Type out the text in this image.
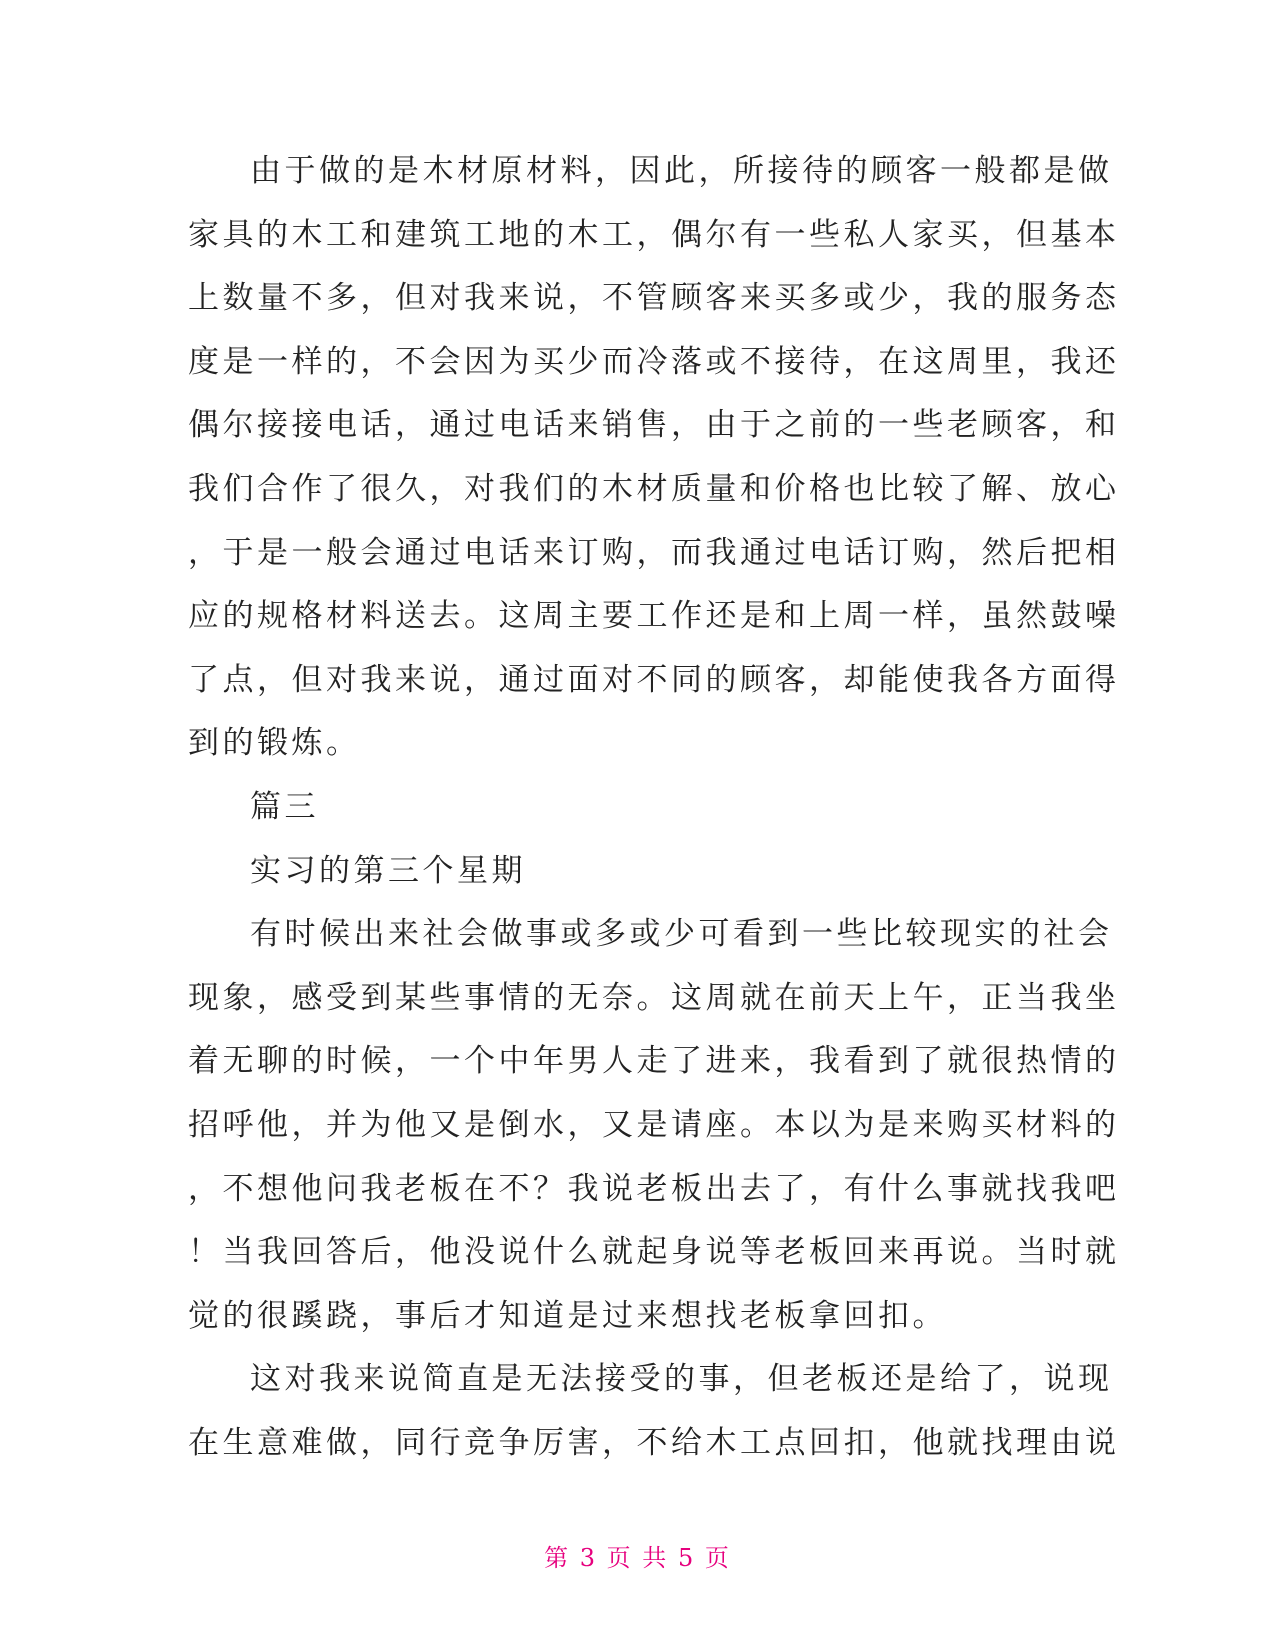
由于做的是木材原材料，因此，所接待的顾客一般都是做
家具的木工和建筑工地的木工，偶尔有一些私人家买，但基本
上数量不多，但对我来说，不管顾客来买多或少，我的服务态
度是一样的，不会因为买少而冷落或不接待，在这周里，我还
偶尔接接电话，通过电话来销售，由于之前的一些老顾客，和
我们合作了很久，对我们的木材质量和价格也比较了解、放心
，于是一般会通过电话来订购，而我通过电话订购，然后把相
应的规格材料送去。这周主要工作还是和上周一样，虽然鼓噪
了点，但对我来说，通过面对不同的顾客，却能使我各方面得
到的锻炼。
篇三
实习的第三个星期
有时候出来社会做事或多或少可看到一些比较现实的社会
现象，感受到某些事情的无奈。这周就在前天上午，正当我坐
着无聊的时候，一个中年男人走了进来，我看到了就很热情的
招呼他，并为他又是倒水，又是请座。本以为是来购买材料的
，不想他问我老板在不？我说老板出去了，有什么事就找我吧
！当我回答后，他没说什么就起身说等老板回来再说。当时就
觉的很蹊跷，事后才知道是过来想找老板拿回扣。
这对我来说简直是无法接受的事，但老板还是给了，说现
在生意难做，同行竞争厉害，不给木工点回扣，他就找理由说
第 3 页 共 5 页
